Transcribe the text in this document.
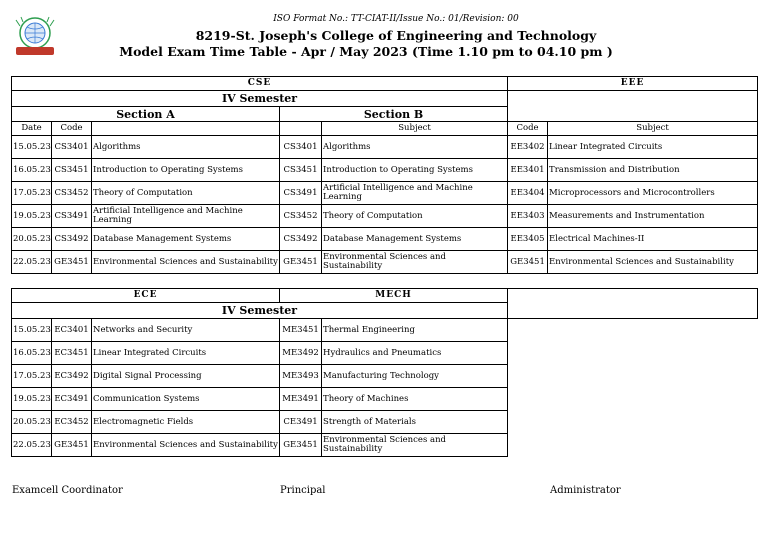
ISO Format No.: TT-CIAT-II/Issue No.: 01/Revision: 00
8219-St. Joseph's College of Engineering and Technology
Model Exam Time Table - Apr / May 2023 (Time 1.10 pm to 04.10 pm )
CSE					EEE	
IV Semester						
Section A			Section B			
Date	Code			Subject	Code	Subject
15.05.23	CS3401	Algorithms	CS3401	Algorithms	EE3402	Linear Integrated Circuits
16.05.23	CS3451	Introduction to Operating Systems	CS3451	Introduction to Operating Systems	EE3401	Transmission and Distribution
17.05.23	CS3452	Theory of Computation	CS3491	Artificial Intelligence and Machine Learning	EE3404	Microprocessors and Microcontrollers
19.05.23	CS3491	Artificial Intelligence and Machine Learning	CS3452	Theory of Computation	EE3403	Measurements and Instrumentation
20.05.23	CS3492	Database Management Systems	CS3492	Database Management Systems	EE3405	Electrical Machines-II
22.05.23	GE3451	Environmental Sciences and Sustainability	GE3451	Environmental Sciences and Sustainability	GE3451	Environmental Sciences and Sustainability
ECE			MECH		
IV Semester					
15.05.23	EC3401	Networks and Security	ME3451	Thermal Engineering	
16.05.23	EC3451	Linear Integrated Circuits	ME3492	Hydraulics and Pneumatics	
17.05.23	EC3492	Digital Signal Processing	ME3493	Manufacturing Technology	
19.05.23	EC3491	Communication Systems	ME3491	Theory of Machines	
20.05.23	EC3452	Electromagnetic Fields	CE3491	Strength of Materials	
22.05.23	GE3451	Environmental Sciences and Sustainability	GE3451	Environmental Sciences and Sustainability	
Examcell Coordinator	Principal	Administrator
